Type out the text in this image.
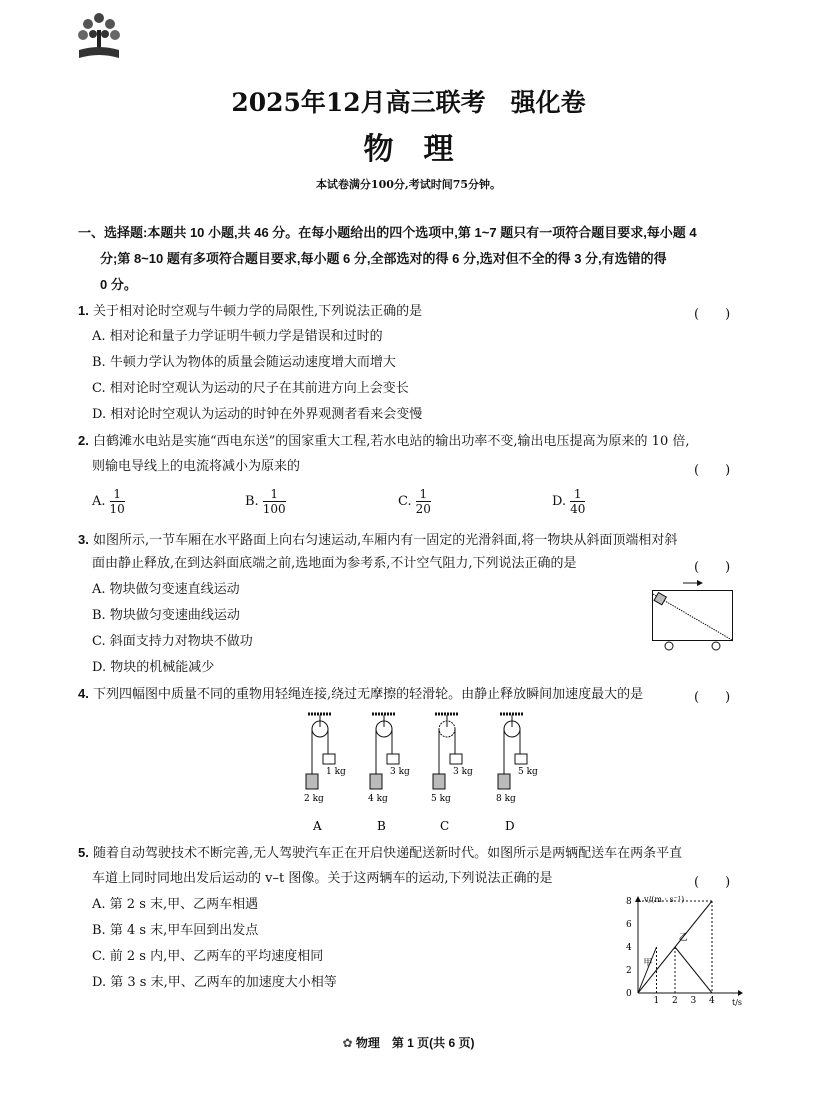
2025年12月高三联考　强化卷
物　理
本试卷满分100分,考试时间75分钟。
一、选择题:本题共 10 小题,共 46 分。在每小题给出的四个选项中,第 1~7 题只有一项符合题目要求,每小题 4
分;第 8~10 题有多项符合题目要求,每小题 6 分,全部选对的得 6 分,选对但不全的得 3 分,有选错的得
0 分。
1. 关于相对论时空观与牛顿力学的局限性,下列说法正确的是	(　　)
A. 相对论和量子力学证明牛顿力学是错误和过时的
B. 牛顿力学认为物体的质量会随运动速度增大而增大
C. 相对论时空观认为运动的尺子在其前进方向上会变长
D. 相对论时空观认为运动的时钟在外界观测者看来会变慢
2. 白鹤滩水电站是实施“西电东送”的国家重大工程,若水电站的输出功率不变,输出电压提高为原来的 10 倍,
则输电导线上的电流将减小为原来的	(　　)
A. $\frac{1}{10}$	B. $\frac{1}{100}$	C. $\frac{1}{20}$	D. $\frac{1}{40}$
3. 如图所示,一节车厢在水平路面上向右匀速运动,车厢内有一固定的光滑斜面,将一物块从斜面顶端相对斜
面由静止释放,在到达斜面底端之前,选地面为参考系,不计空气阻力,下列说法正确的是	(　　)
A. 物块做匀变速直线运动
B. 物块做匀变速曲线运动
C. 斜面支持力对物块不做功
D. 物块的机械能减少
4. 下列四幅图中质量不同的重物用轻绳连接,绕过无摩擦的轻滑轮。由静止释放瞬间加速度最大的是	(　　)
1 kg
2 kg
A
3 kg
4 kg
B
3 kg
5 kg
C
5 kg
8 kg
D
5. 随着自动驾驶技术不断完善,无人驾驶汽车正在开启快递配送新时代。如图所示是两辆配送车在两条平直
车道上同时同地出发后运动的 v–t 图像。关于这两辆车的运动,下列说法正确的是	(　　)
A. 第 2 s 末,甲、乙两车相遇
B. 第 4 s 末,甲车回到出发点
C. 前 2 s 内,甲、乙两车的平均速度相同
D. 第 3 s 末,甲、乙两车的加速度大小相等
v/(m · s⁻¹)
t/s
0
2
4
6
8
1 2 3 4
甲
乙
✿ 物理　第 1 页(共 6 页)
